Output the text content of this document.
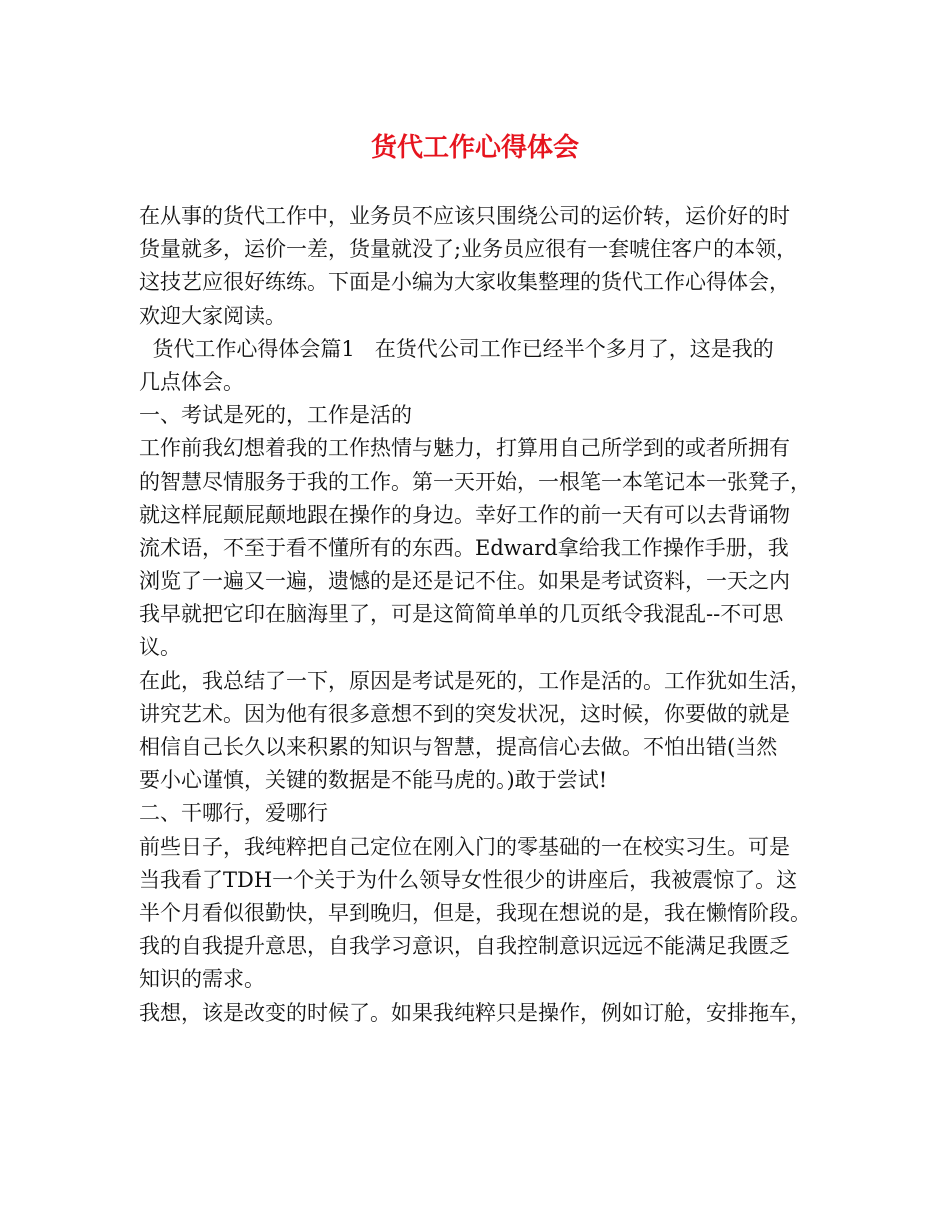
货代工作心得体会
在从事的货代工作中，业务员不应该只围绕公司的运价转，运价好的时
货量就多，运价一差，货量就没了;业务员应很有一套唬住客户的本领，
这技艺应很好练练。下面是小编为大家收集整理的货代工作心得体会，
欢迎大家阅读。
货代工作心得体会篇1   在货代公司工作已经半个多月了，这是我的
几点体会。
一、考试是死的，工作是活的
工作前我幻想着我的工作热情与魅力，打算用自己所学到的或者所拥有
的智慧尽情服务于我的工作。第一天开始，一根笔一本笔记本一张凳子，
就这样屁颠屁颠地跟在操作的身边。幸好工作的前一天有可以去背诵物
流术语，不至于看不懂所有的东西。Edward拿给我工作操作手册，我
浏览了一遍又一遍，遗憾的是还是记不住。如果是考试资料，一天之内
我早就把它印在脑海里了，可是这简简单单的几页纸令我混乱--不可思
议。
在此，我总结了一下，原因是考试是死的，工作是活的。工作犹如生活，
讲究艺术。因为他有很多意想不到的突发状况，这时候，你要做的就是
相信自己长久以来积累的知识与智慧，提高信心去做。不怕出错(当然
要小心谨慎，关键的数据是不能马虎的。)敢于尝试!
二、干哪行，爱哪行
前些日子，我纯粹把自己定位在刚入门的零基础的一在校实习生。可是
当我看了TDH一个关于为什么领导女性很少的讲座后，我被震惊了。这
半个月看似很勤快，早到晚归，但是，我现在想说的是，我在懒惰阶段。
我的自我提升意思，自我学习意识，自我控制意识远远不能满足我匮乏
知识的需求。
我想，该是改变的时候了。如果我纯粹只是操作，例如订舱，安排拖车，
